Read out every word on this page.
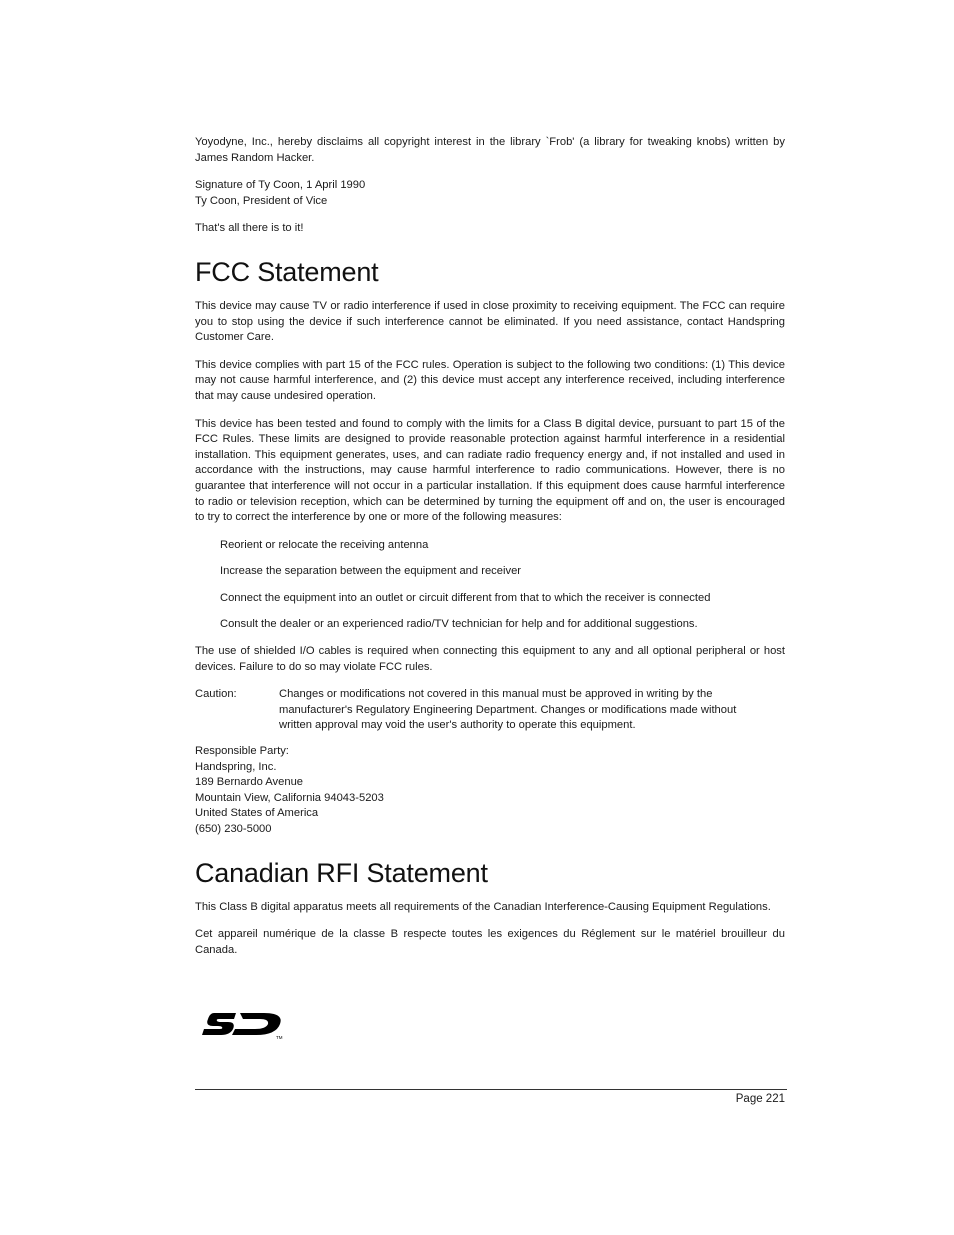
Yoyodyne, Inc., hereby disclaims all copyright interest in the library `Frob' (a library for tweaking knobs) written by James Random Hacker.

Signature of Ty Coon, 1 April 1990
Ty Coon, President of Vice

That's all there is to it!

FCC Statement

This device may cause TV or radio interference if used in close proximity to receiving equipment. The FCC can require you to stop using the device if such interference cannot be eliminated. If you need assistance, contact Handspring Customer Care.

This device complies with part 15 of the FCC rules. Operation is subject to the following two conditions: (1) This device may not cause harmful interference, and (2) this device must accept any interference received, including interference that may cause undesired operation.

This device has been tested and found to comply with the limits for a Class B digital device, pursuant to part 15 of the FCC Rules. These limits are designed to provide reasonable protection against harmful interference in a residential installation. This equipment generates, uses, and can radiate radio frequency energy and, if not installed and used in accordance with the instructions, may cause harmful interference to radio communications. However, there is no guarantee that interference will not occur in a particular installation. If this equipment does cause harmful interference to radio or television reception, which can be determined by turning the equipment off and on, the user is encouraged to try to correct the interference by one or more of the following measures:

Reorient or relocate the receiving antenna
Increase the separation between the equipment and receiver
Connect the equipment into an outlet or circuit different from that to which the receiver is connected
Consult the dealer or an experienced radio/TV technician for help and for additional suggestions.

The use of shielded I/O cables is required when connecting this equipment to any and all optional peripheral or host devices. Failure to do so may violate FCC rules.

Caution:	Changes or modifications not covered in this manual must be approved in writing by the manufacturer's Regulatory Engineering Department. Changes or modifications made without written approval may void the user's authority to operate this equipment.
Responsible Party:
Handspring, Inc.
189 Bernardo Avenue
Mountain View, California 94043-5203
United States of America
(650) 230-5000
Canadian RFI Statement

This Class B digital apparatus meets all requirements of the Canadian Interference-Causing Equipment Regulations.

Cet appareil numérique de la classe B respecte toutes les exigences du Réglement sur le matériel brouilleur du Canada.

TM
Page 221
